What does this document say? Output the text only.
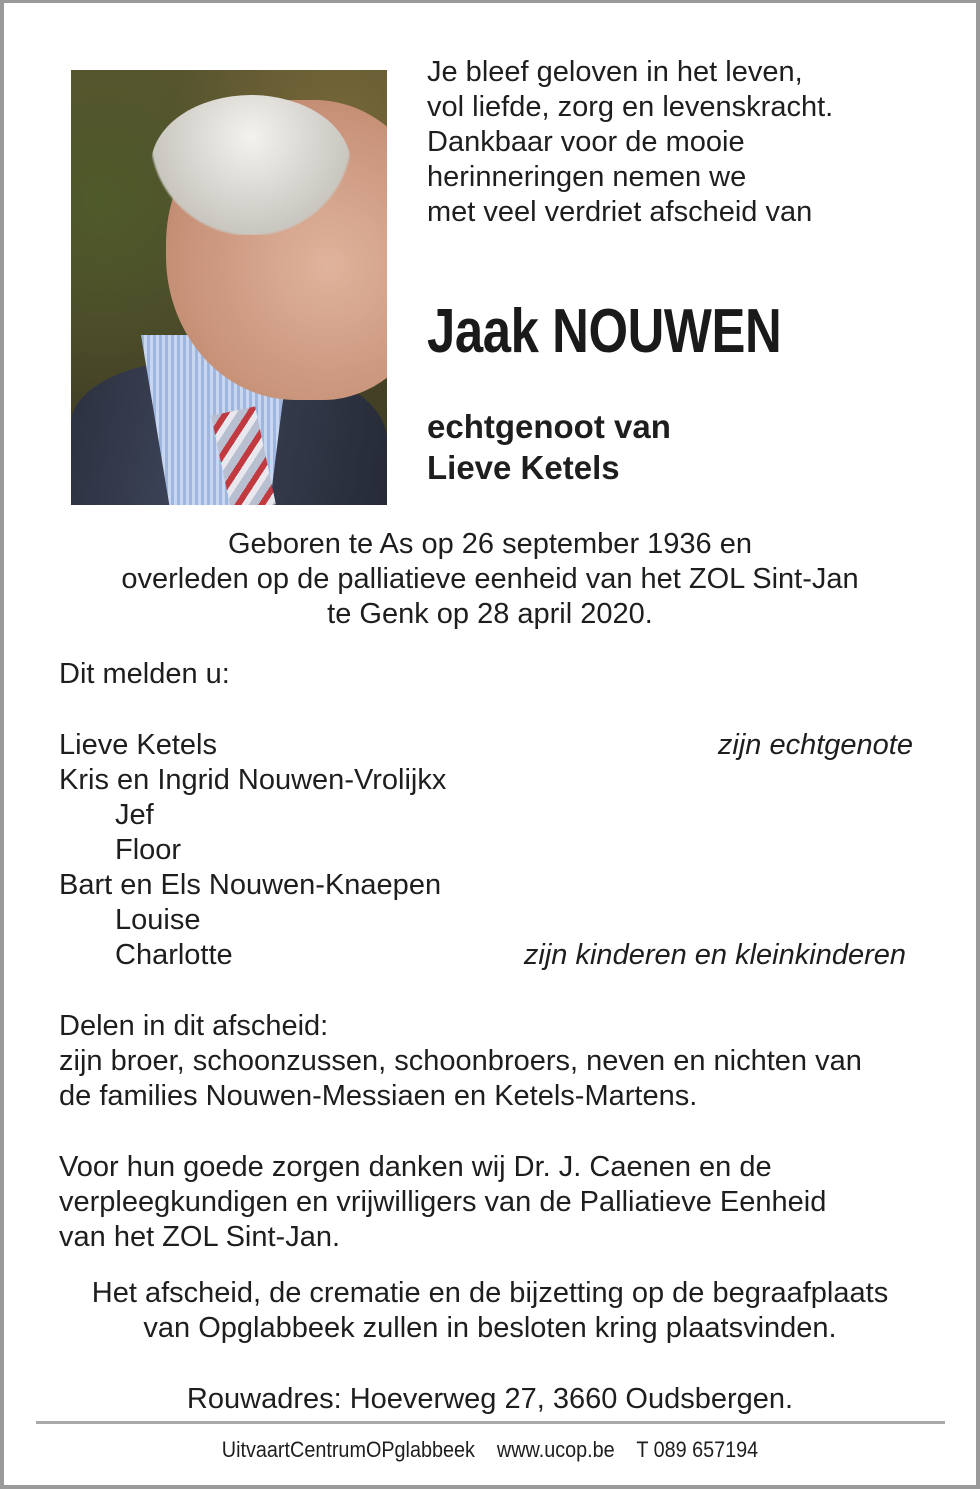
Je bleef geloven in het leven,
vol liefde, zorg en levenskracht.
Dankbaar voor de mooie
herinneringen nemen we
met veel verdriet afscheid van
Jaak NOUWEN
echtgenoot van
Lieve Ketels
Geboren te As op 26 september 1936 en
overleden op de palliatieve eenheid van het ZOL Sint-Jan
te Genk op 28 april 2020.
Dit melden u:
Lieve Ketels	zijn echtgenote
Kris en Ingrid Nouwen-Vrolijkx
Jef
Floor
Bart en Els Nouwen-Knaepen
Louise
Charlotte	zijn kinderen en kleinkinderen
Delen in dit afscheid:
zijn broer, schoonzussen, schoonbroers, neven en nichten van
de families Nouwen-Messiaen en Ketels-Martens.
Voor hun goede zorgen danken wij Dr. J. Caenen en de
verpleegkundigen en vrijwilligers van de Palliatieve Eenheid
van het ZOL Sint-Jan.
Het afscheid, de crematie en de bijzetting op de begraafplaats
van Opglabbeek zullen in besloten kring plaatsvinden.
Rouwadres: Hoeverweg 27, 3660 Oudsbergen.
UitvaartCentrumOPglabbeek    www.ucop.be    T 089 657194
